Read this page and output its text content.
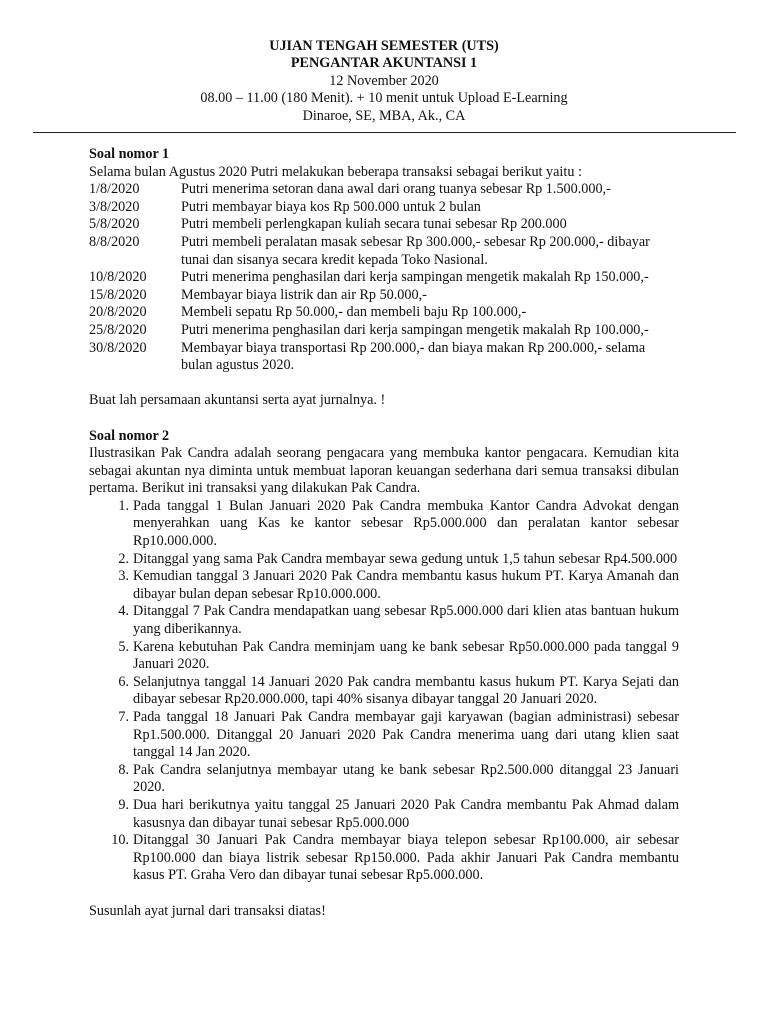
UJIAN TENGAH SEMESTER (UTS)
PENGANTAR AKUNTANSI 1
12 November 2020
08.00 – 11.00 (180 Menit). + 10 menit untuk Upload E-Learning
Dinaroe, SE, MBA, Ak., CA
Soal nomor 1
Selama bulan Agustus 2020 Putri melakukan beberapa transaksi sebagai berikut yaitu :
1/8/2020	Putri menerima setoran dana awal dari orang tuanya sebesar Rp 1.500.000,-
3/8/2020	Putri membayar biaya kos Rp 500.000 untuk 2 bulan
5/8/2020	Putri membeli perlengkapan kuliah secara tunai sebesar Rp 200.000
8/8/2020	Putri membeli peralatan masak sebesar Rp 300.000,- sebesar Rp 200.000,- dibayar tunai dan sisanya secara kredit kepada Toko Nasional.
10/8/2020	Putri menerima penghasilan dari kerja sampingan mengetik makalah Rp 150.000,-
15/8/2020	Membayar biaya listrik dan air Rp 50.000,-
20/8/2020	Membeli sepatu Rp 50.000,- dan membeli baju Rp 100.000,-
25/8/2020	Putri menerima penghasilan dari kerja sampingan mengetik makalah Rp 100.000,-
30/8/2020	Membayar biaya transportasi Rp 200.000,- dan biaya makan Rp 200.000,- selama bulan agustus 2020.
Buat lah persamaan akuntansi serta ayat jurnalnya. !
Soal nomor 2
Ilustrasikan Pak Candra adalah seorang pengacara yang membuka kantor pengacara. Kemudian kita sebagai akuntan nya diminta untuk membuat laporan keuangan sederhana dari semua transaksi dibulan pertama. Berikut ini transaksi yang dilakukan Pak Candra.
1. Pada tanggal 1 Bulan Januari 2020 Pak Candra membuka Kantor Candra Advokat dengan menyerahkan uang Kas ke kantor sebesar Rp5.000.000 dan peralatan kantor sebesar Rp10.000.000.
2. Ditanggal yang sama Pak Candra membayar sewa gedung untuk 1,5 tahun sebesar Rp4.500.000
3. Kemudian tanggal 3 Januari 2020 Pak Candra membantu kasus hukum PT. Karya Amanah dan dibayar bulan depan sebesar Rp10.000.000.
4. Ditanggal 7 Pak Candra mendapatkan uang sebesar Rp5.000.000 dari klien atas bantuan hukum yang diberikannya.
5. Karena kebutuhan Pak Candra meminjam uang ke bank sebesar Rp50.000.000 pada tanggal 9 Januari 2020.
6. Selanjutnya tanggal 14 Januari 2020 Pak candra membantu kasus hukum PT. Karya Sejati dan dibayar sebesar Rp20.000.000, tapi 40% sisanya dibayar tanggal 20 Januari 2020.
7. Pada tanggal 18 Januari Pak Candra membayar gaji karyawan (bagian administrasi) sebesar Rp1.500.000. Ditanggal 20 Januari 2020 Pak Candra menerima uang dari utang klien saat tanggal 14 Jan 2020.
8. Pak Candra selanjutnya membayar utang ke bank sebesar Rp2.500.000 ditanggal 23 Januari 2020.
9. Dua hari berikutnya yaitu tanggal 25 Januari 2020 Pak Candra membantu Pak Ahmad dalam kasusnya dan dibayar tunai sebesar Rp5.000.000
10. Ditanggal 30 Januari Pak Candra membayar biaya telepon sebesar Rp100.000, air sebesar Rp100.000 dan biaya listrik sebesar Rp150.000. Pada akhir Januari Pak Candra membantu kasus PT. Graha Vero dan dibayar tunai sebesar Rp5.000.000.
Susunlah ayat jurnal dari transaksi diatas!
